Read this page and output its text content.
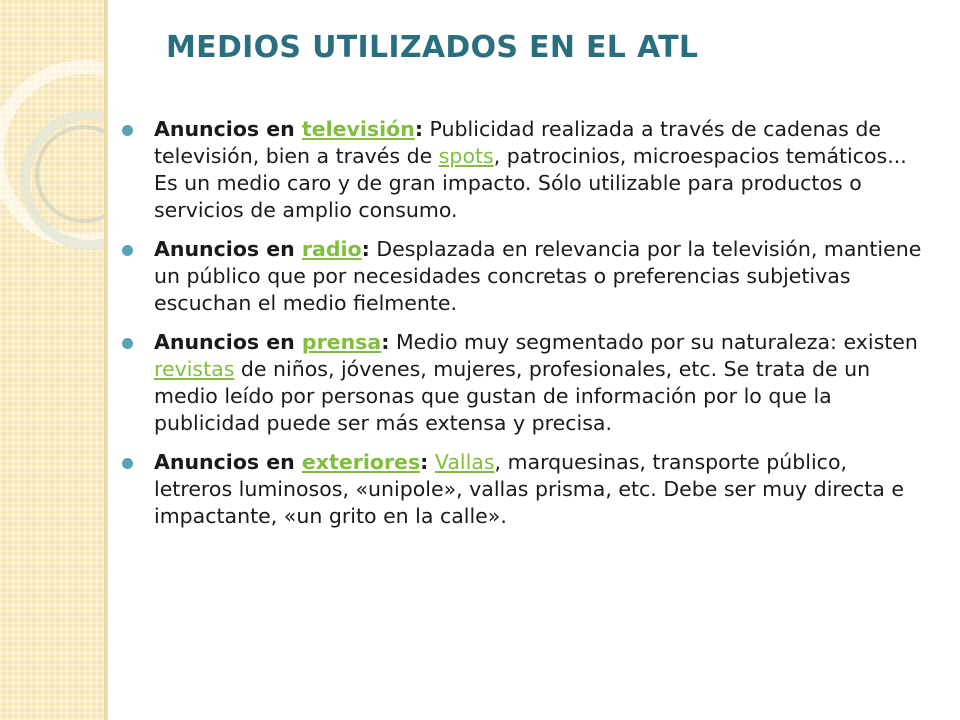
MEDIOS UTILIZADOS EN EL ATL
Anuncios en televisión: Publicidad realizada a través de cadenas de televisión, bien a través de spots, patrocinios, microespacios temáticos... Es un medio caro y de gran impacto. Sólo utilizable para productos o servicios de amplio consumo.
Anuncios en radio: Desplazada en relevancia por la televisión, mantiene un público que por necesidades concretas o preferencias subjetivas escuchan el medio fielmente.
Anuncios en prensa: Medio muy segmentado por su naturaleza: existen revistas de niños, jóvenes, mujeres, profesionales, etc. Se trata de un medio leído por personas que gustan de información por lo que la publicidad puede ser más extensa y precisa.
Anuncios en exteriores: Vallas, marquesinas, transporte público, letreros luminosos, «unipole», vallas prisma, etc. Debe ser muy directa e impactante, «un grito en la calle».
